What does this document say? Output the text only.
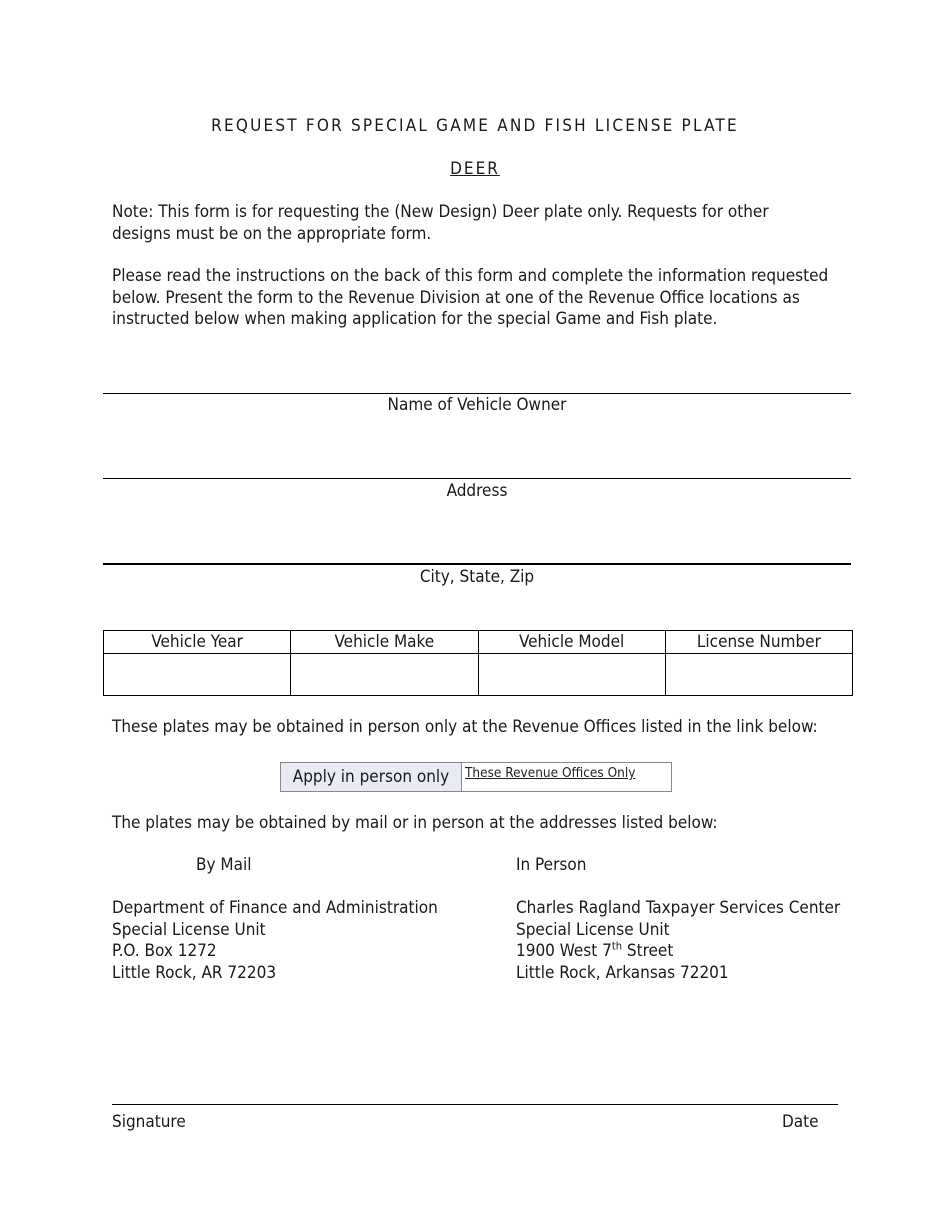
REQUEST FOR SPECIAL GAME AND FISH LICENSE PLATE
DEER
Note: This form is for requesting the (New Design) Deer plate only. Requests for other designs must be on the appropriate form.
Please read the instructions on the back of this form and complete the information requested below. Present the form to the Revenue Division at one of the Revenue Office locations as instructed below when making application for the special Game and Fish plate.
Name of Vehicle Owner
Address
City, State, Zip
Vehicle Year	Vehicle Make	Vehicle Model	License Number

These plates may be obtained in person only at the Revenue Offices listed in the link below:
Apply in person only	These Revenue Offices Only
The plates may be obtained by mail or in person at the addresses listed below:
By Mail	In Person
Department of Finance and Administration
Special License Unit
P.O. Box 1272
Little Rock, AR 72203
Charles Ragland Taxpayer Services Center
Special License Unit
1900 West 7th Street
Little Rock, Arkansas 72201
Signature	Date
